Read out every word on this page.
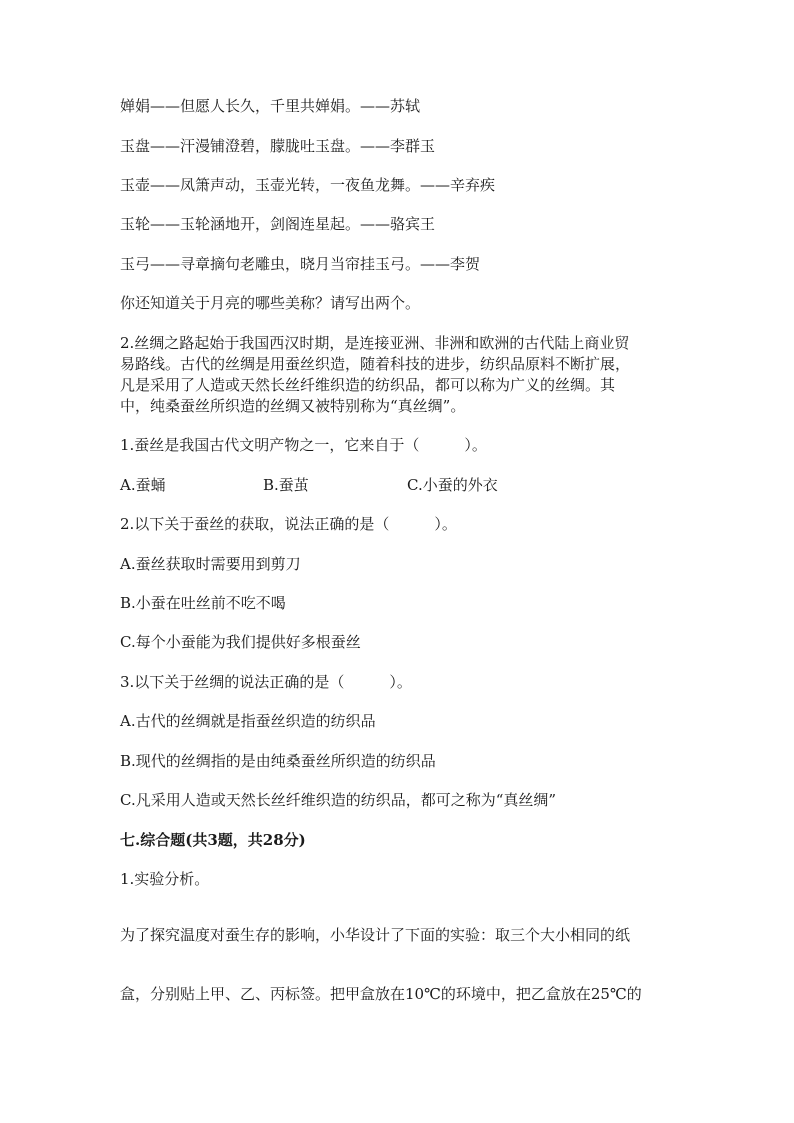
婵娟——但愿人长久，千里共婵娟。——苏轼
玉盘——汗漫铺澄碧，朦胧吐玉盘。——李群玉
玉壶——凤箫声动，玉壶光转，一夜鱼龙舞。——辛弃疾
玉轮——玉轮涵地开，剑阁连星起。——骆宾王
玉弓——寻章摘句老雕虫，晓月当帘挂玉弓。——李贺
你还知道关于月亮的哪些美称？请写出两个。
2.丝绸之路起始于我国西汉时期，是连接亚洲、非洲和欧洲的古代陆上商业贸
易路线。古代的丝绸是用蚕丝织造，随着科技的进步，纺织品原料不断扩展，
凡是采用了人造或天然长丝纤维织造的纺织品，都可以称为广义的丝绸。其
中，纯桑蚕丝所织造的丝绸又被特别称为“真丝绸”。
1.蚕丝是我国古代文明产物之一，它来自于（　　　）。
A.蚕蛹	B.蚕茧	C.小蚕的外衣
2.以下关于蚕丝的获取，说法正确的是（　　　）。
A.蚕丝获取时需要用到剪刀
B.小蚕在吐丝前不吃不喝
C.每个小蚕能为我们提供好多根蚕丝
3.以下关于丝绸的说法正确的是（　　　）。
A.古代的丝绸就是指蚕丝织造的纺织品
B.现代的丝绸指的是由纯桑蚕丝所织造的纺织品
C.凡采用人造或天然长丝纤维织造的纺织品，都可之称为“真丝绸”
七.综合题(共3题，共28分)
1.实验分析。
为了探究温度对蚕生存的影响，小华设计了下面的实验：取三个大小相同的纸
盒，分别贴上甲、乙、丙标签。把甲盒放在10℃的环境中，把乙盒放在25℃的
